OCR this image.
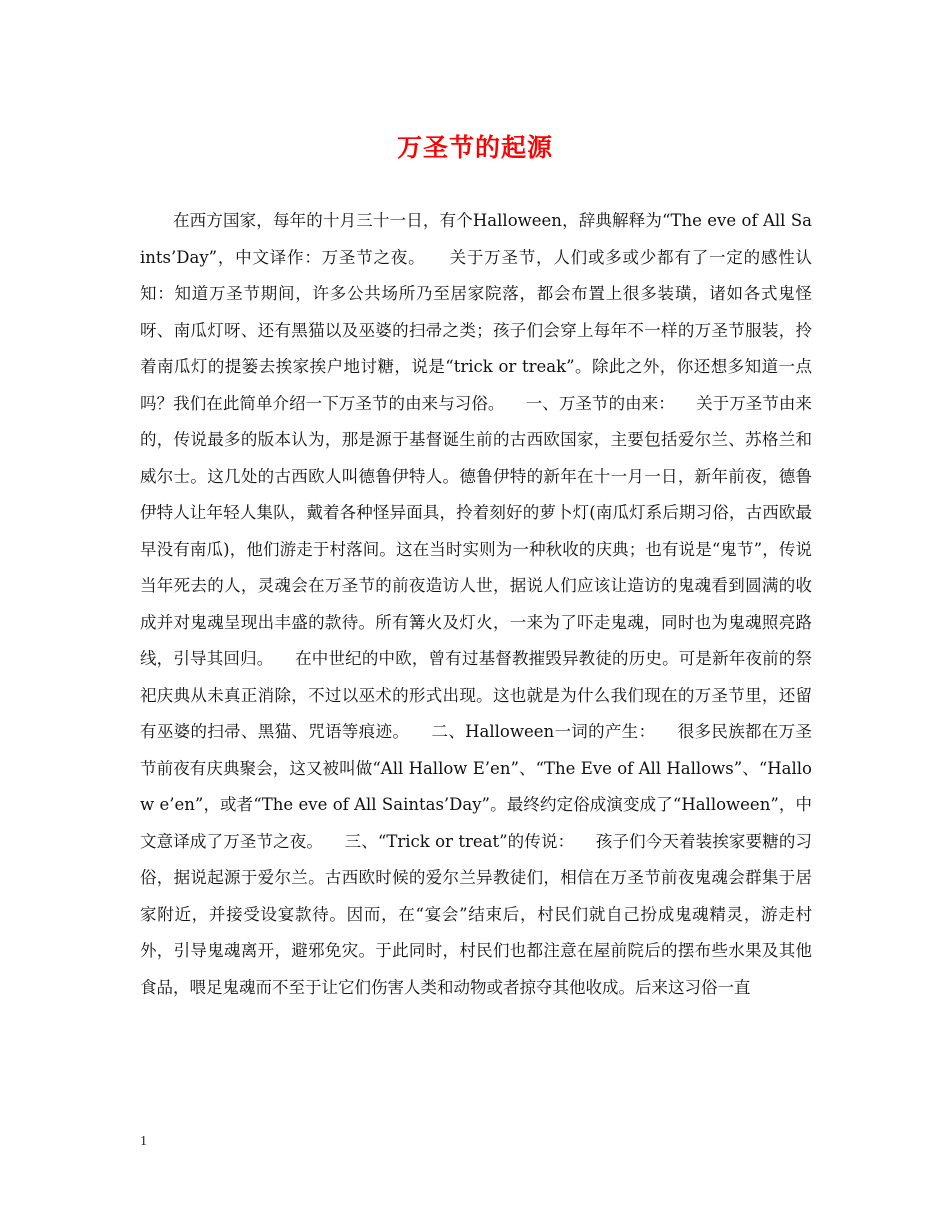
万圣节的起源

在西方国家，每年的十月三十一日，有个Halloween，辞典解释为“The eve of All Saints’Day”，中文译作：万圣节之夜。    关于万圣节，人们或多或少都有了一定的感性认知：知道万圣节期间，许多公共场所乃至居家院落，都会布置上很多装璜，诸如各式鬼怪呀、南瓜灯呀、还有黑猫以及巫婆的扫帚之类；孩子们会穿上每年不一样的万圣节服装，拎着南瓜灯的提篓去挨家挨户地讨糖，说是“trick or treak”。除此之外，你还想多知道一点吗？我们在此简单介绍一下万圣节的由来与习俗。    一、万圣节的由来：    关于万圣节由来的，传说最多的版本认为，那是源于基督诞生前的古西欧国家，主要包括爱尔兰、苏格兰和威尔士。这几处的古西欧人叫德鲁伊特人。德鲁伊特的新年在十一月一日，新年前夜，德鲁伊特人让年轻人集队，戴着各种怪异面具，拎着刻好的萝卜灯(南瓜灯系后期习俗，古西欧最早没有南瓜)，他们游走于村落间。这在当时实则为一种秋收的庆典；也有说是“鬼节”，传说当年死去的人，灵魂会在万圣节的前夜造访人世，据说人们应该让造访的鬼魂看到圆满的收成并对鬼魂呈现出丰盛的款待。所有篝火及灯火，一来为了吓走鬼魂，同时也为鬼魂照亮路线，引导其回归。    在中世纪的中欧，曾有过基督教摧毁异教徒的历史。可是新年夜前的祭祀庆典从未真正消除，不过以巫术的形式出现。这也就是为什么我们现在的万圣节里，还留有巫婆的扫帚、黑猫、咒语等痕迹。    二、Halloween一词的产生：    很多民族都在万圣节前夜有庆典聚会，这又被叫做“All Hallow E’en”、“The Eve of All Hallows”、“Hallow e’en”，或者“The eve of All Saintas’Day”。最终约定俗成演变成了“Halloween”，中文意译成了万圣节之夜。    三、“Trick or treat”的传说：    孩子们今天着装挨家要糖的习俗，据说起源于爱尔兰。古西欧时候的爱尔兰异教徒们，相信在万圣节前夜鬼魂会群集于居家附近，并接受设宴款待。因而，在“宴会”结束后，村民们就自己扮成鬼魂精灵，游走村外，引导鬼魂离开，避邪免灾。于此同时，村民们也都注意在屋前院后的摆布些水果及其他食品，喂足鬼魂而不至于让它们伤害人类和动物或者掠夺其他收成。后来这习俗一直

1
